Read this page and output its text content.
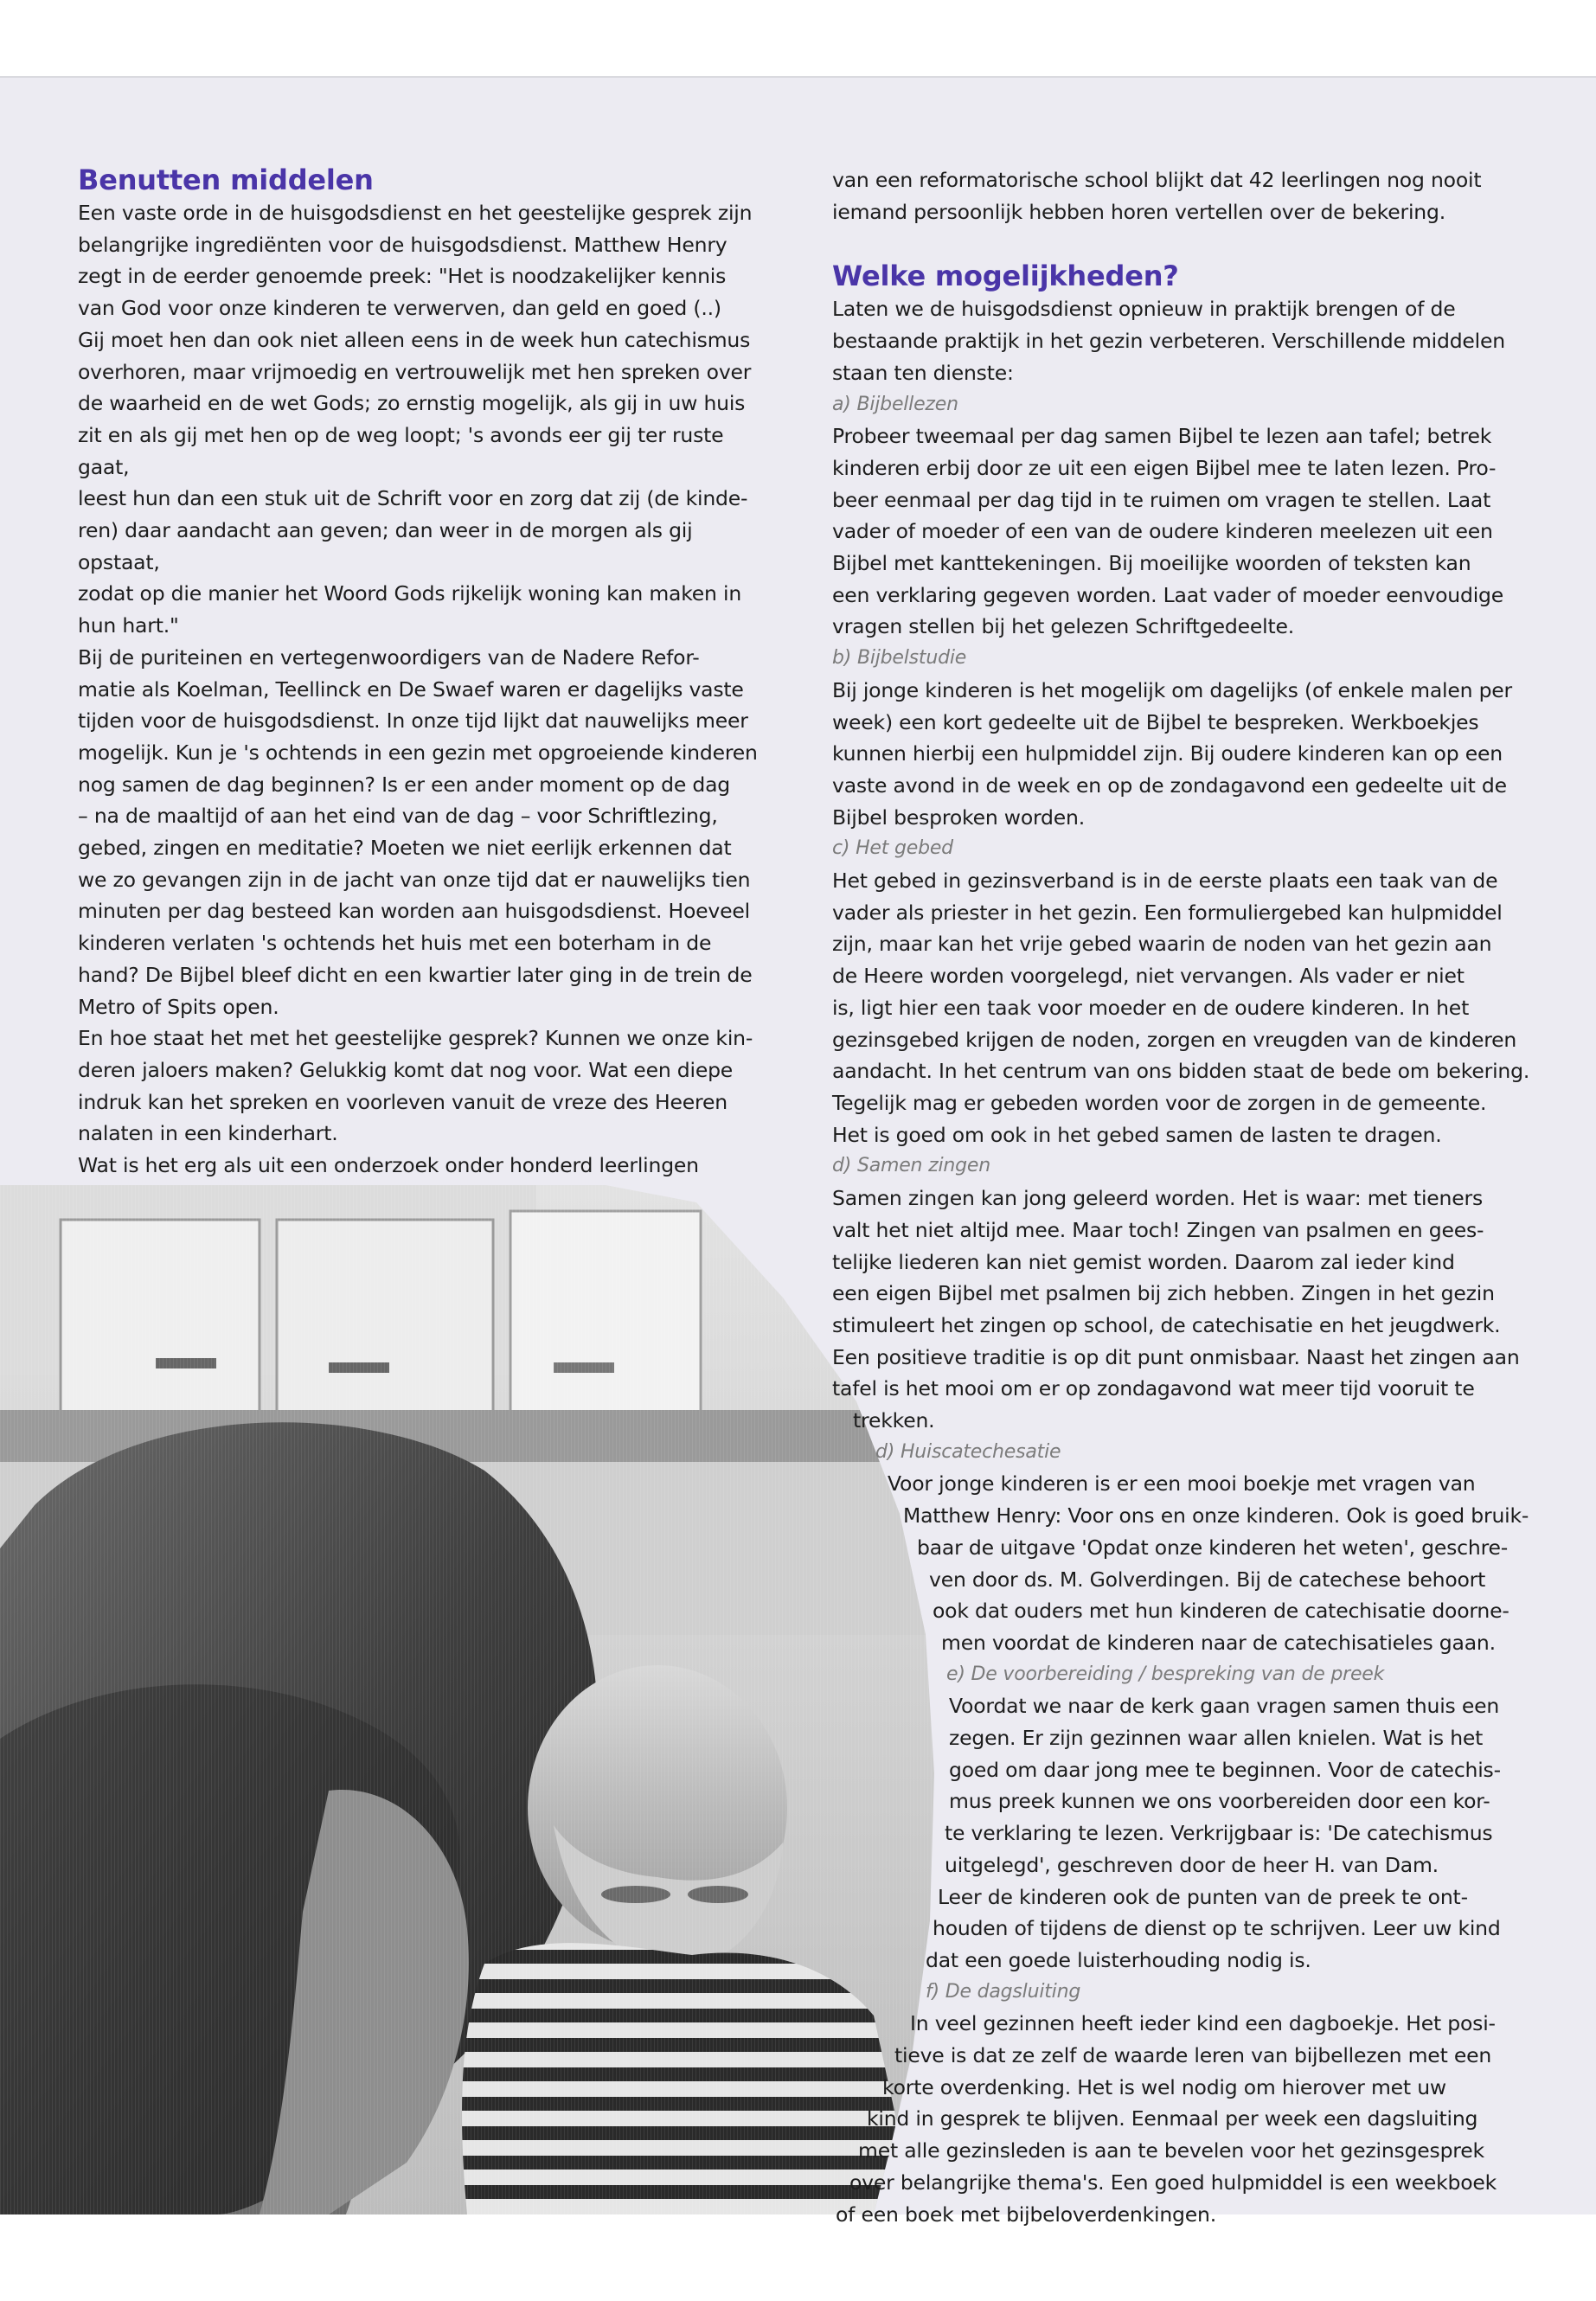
Benutten middelen

Een vaste orde in de huisgodsdienst en het geestelijke gesprek zijn

belangrijke ingrediënten voor de huisgodsdienst. Matthew Henry

zegt in de eerder genoemde preek: "Het is noodzakelijker kennis

van God voor onze kinderen te verwerven, dan geld en goed (..)

Gij moet hen dan ook niet alleen eens in de week hun catechismus

overhoren, maar vrijmoedig en vertrouwelijk met hen spreken over

de waarheid en de wet Gods; zo ernstig mogelijk, als gij in uw huis

zit en als gij met hen op de weg loopt; 's avonds eer gij ter ruste gaat,

leest hun dan een stuk uit de Schrift voor en zorg dat zij (de kinde-

ren) daar aandacht aan geven; dan weer in de morgen als gij opstaat,

zodat op die manier het Woord Gods rijkelijk woning kan maken in

hun hart."

Bij de puriteinen en vertegenwoordigers van de Nadere Refor-

matie als Koelman, Teellinck en De Swaef waren er dagelijks vaste

tijden voor de huisgodsdienst. In onze tijd lijkt dat nauwelijks meer

mogelijk. Kun je 's ochtends in een gezin met opgroeiende kinderen

nog samen de dag beginnen? Is er een ander moment op de dag

– na de maaltijd of aan het eind van de dag – voor Schriftlezing,

gebed, zingen en meditatie? Moeten we niet eerlijk erkennen dat

we zo gevangen zijn in de jacht van onze tijd dat er nauwelijks tien

minuten per dag besteed kan worden aan huisgodsdienst. Hoeveel

kinderen verlaten 's ochtends het huis met een boterham in de

hand? De Bijbel bleef dicht en een kwartier later ging in de trein de

Metro of Spits open.

En hoe staat het met het geestelijke gesprek? Kunnen we onze kin-

deren jaloers maken? Gelukkig komt dat nog voor. Wat een diepe

indruk kan het spreken en voorleven vanuit de vreze des Heeren

nalaten in een kinderhart.

Wat is het erg als uit een onderzoek onder honderd leerlingen

van een reformatorische school blijkt dat 42 leerlingen nog nooit

iemand persoonlijk hebben horen vertellen over de bekering.

Welke mogelijkheden?

Laten we de huisgodsdienst opnieuw in praktijk brengen of de

bestaande praktijk in het gezin verbeteren. Verschillende middelen

staan ten dienste:

a) Bijbellezen

Probeer tweemaal per dag samen Bijbel te lezen aan tafel; betrek

kinderen erbij door ze uit een eigen Bijbel mee te laten lezen. Pro-

beer eenmaal per dag tijd in te ruimen om vragen te stellen. Laat

vader of moeder of een van de oudere kinderen meelezen uit een

Bijbel met kanttekeningen. Bij moeilijke woorden of teksten kan

een verklaring gegeven worden. Laat vader of moeder eenvoudige

vragen stellen bij het gelezen Schriftgedeelte.

b) Bijbelstudie

Bij jonge kinderen is het mogelijk om dagelijks (of enkele malen per

week) een kort gedeelte uit de Bijbel te bespreken. Werkboekjes

kunnen hierbij een hulpmiddel zijn. Bij oudere kinderen kan op een

vaste avond in de week en op de zondagavond een gedeelte uit de

Bijbel besproken worden.

c) Het gebed

Het gebed in gezinsverband is in de eerste plaats een taak van de

vader als priester in het gezin. Een formuliergebed kan hulpmiddel

zijn, maar kan het vrije gebed waarin de noden van het gezin aan

de Heere worden voorgelegd, niet vervangen. Als vader er niet

is, ligt hier een taak voor moeder en de oudere kinderen. In het

gezinsgebed krijgen de noden, zorgen en vreugden van de kinderen

aandacht. In het centrum van ons bidden staat de bede om bekering.

Tegelijk mag er gebeden worden voor de zorgen in de gemeente.

Het is goed om ook in het gebed samen de lasten te dragen.

d) Samen zingen

Samen zingen kan jong geleerd worden. Het is waar: met tieners

valt het niet altijd mee. Maar toch! Zingen van psalmen en gees-

telijke liederen kan niet gemist worden. Daarom zal ieder kind

een eigen Bijbel met psalmen bij zich hebben. Zingen in het gezin

stimuleert het zingen op school, de catechisatie en het jeugdwerk.

Een positieve traditie is op dit punt onmisbaar. Naast het zingen aan

tafel is het mooi om er op zondagavond wat meer tijd vooruit te

trekken.

d) Huiscatechesatie

Voor jonge kinderen is er een mooi boekje met vragen van

Matthew Henry: Voor ons en onze kinderen. Ook is goed bruik-

baar de uitgave 'Opdat onze kinderen het weten', geschre-

ven door ds. M. Golverdingen. Bij de catechese behoort

ook dat ouders met hun kinderen de catechisatie doorne-

men voordat de kinderen naar de catechisatieles gaan.

e) De voorbereiding / bespreking van de preek

Voordat we naar de kerk gaan vragen samen thuis een

zegen. Er zijn gezinnen waar allen knielen. Wat is het

goed om daar jong mee te beginnen. Voor de catechis-

mus preek kunnen we ons voorbereiden door een kor-

te verklaring te lezen. Verkrijgbaar is: 'De catechismus

uitgelegd', geschreven door de heer H. van Dam.

Leer de kinderen ook de punten van de preek te ont-

houden of tijdens de dienst op te schrijven. Leer uw kind

dat een goede luisterhouding nodig is.

f) De dagsluiting

In veel gezinnen heeft ieder kind een dagboekje. Het posi-

tieve is dat ze zelf de waarde leren van bijbellezen met een

korte overdenking. Het is wel nodig om hierover met uw

kind in gesprek te blijven. Eenmaal per week een dagsluiting

met alle gezinsleden is aan te bevelen voor het gezinsgesprek

over belangrijke thema's. Een goed hulpmiddel is een weekboek

of een boek met bijbeloverdenkingen.
